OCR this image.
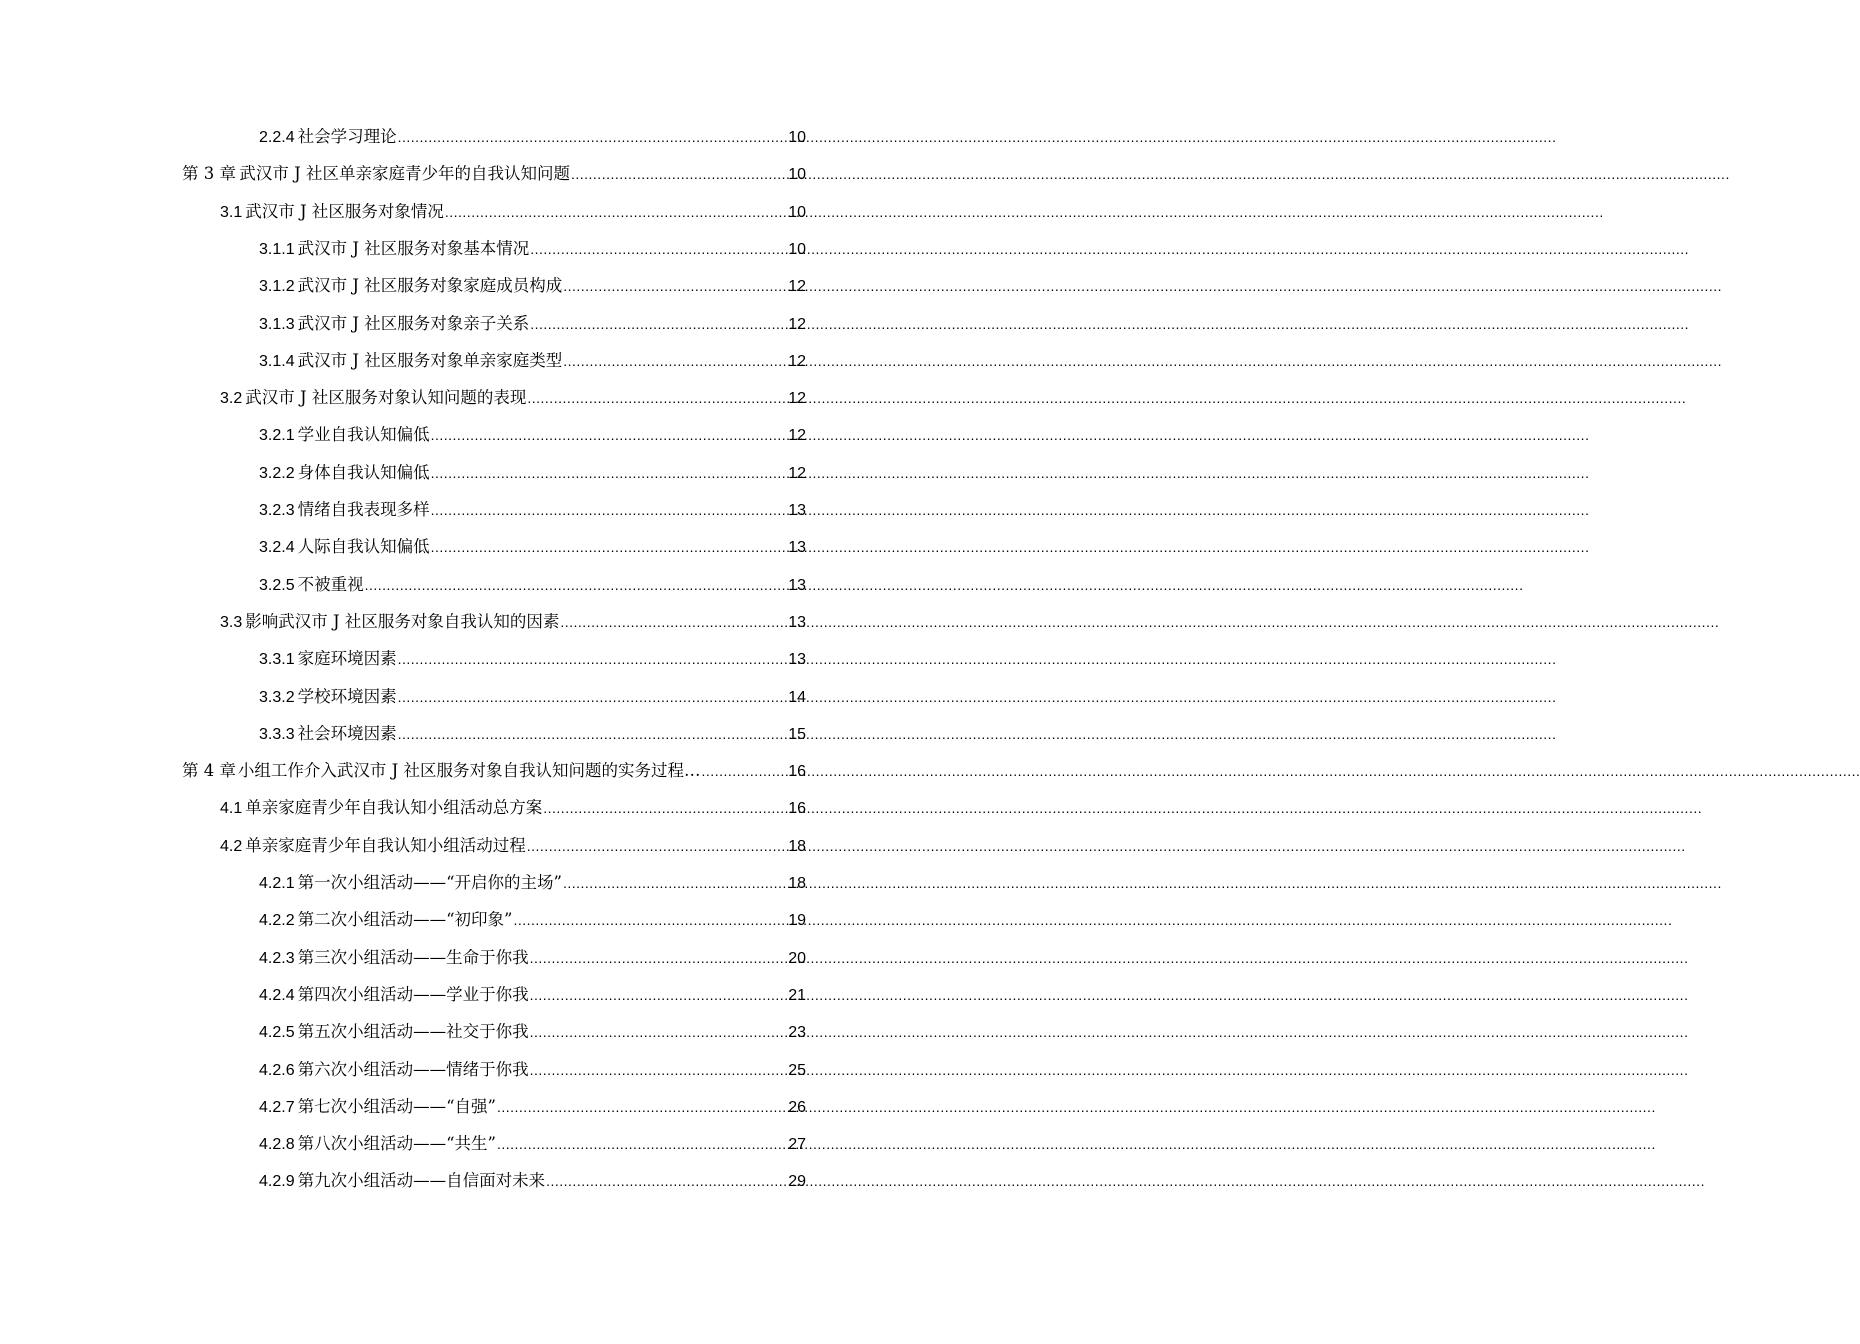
2.2.4 社会学习理论 .....	10
第 3 章 武汉市 J 社区单亲家庭青少年的自我认知问题 .....	10
3.1 武汉市 J 社区服务对象情况 .....	10
3.1.1 武汉市 J 社区服务对象基本情况 .....	10
3.1.2 武汉市 J 社区服务对象家庭成员构成 .....	12
3.1.3 武汉市 J 社区服务对象亲子关系 .....	12
3.1.4 武汉市 J 社区服务对象单亲家庭类型 .....	12
3.2 武汉市 J 社区服务对象认知问题的表现 .....	12
3.2.1 学业自我认知偏低 .....	12
3.2.2 身体自我认知偏低 .....	12
3.2.3 情绪自我表现多样 .....	13
3.2.4 人际自我认知偏低 .....	13
3.2.5 不被重视 .....	13
3.3 影响武汉市 J 社区服务对象自我认知的因素 .....	13
3.3.1 家庭环境因素 .....	13
3.3.2 学校环境因素 .....	14
3.3.3 社会环境因素 .....	15
第 4 章 小组工作介入武汉市 J 社区服务对象自我认知问题的实务过程… .....	16
4.1 单亲家庭青少年自我认知小组活动总方案 .....	16
4.2 单亲家庭青少年自我认知小组活动过程 .....	18
4.2.1 第一次小组活动——“开启你的主场” .....	18
4.2.2 第二次小组活动——“初印象” .....	19
4.2.3 第三次小组活动——生命于你我 .....	20
4.2.4 第四次小组活动——学业于你我 .....	21
4.2.5 第五次小组活动——社交于你我 .....	23
4.2.6 第六次小组活动——情绪于你我 .....	25
4.2.7 第七次小组活动——“自强” .....	26
4.2.8 第八次小组活动——“共生” .....	27
4.2.9 第九次小组活动——自信面对未来 .....	29
